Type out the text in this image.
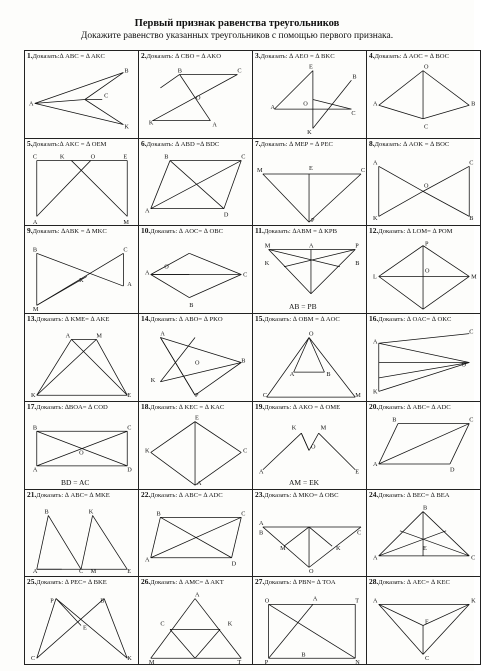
Первый признак равенства треугольников
Докажите равенство указанных треугольников с помощью первого признака.
1.Доказать:∆ ABC = ∆ AKC
A
B
K
C
2.Доказать: ∆ CBO = ∆ AKO
B	C
O
K	A
3.Доказать: ∆ AEO = ∆ BKC
E
A
O
K
C
B
4.Доказать: ∆ AOC = ∆ BOC
A
O
C
B
5.Доказать:∆ AKC = ∆ OEM
C	K	O	E
A	M
6.Доказать: ∆ ABD =∆ BDC
B	C
A
D
7.Доказать: ∆ MEP = ∆ PEC
M	E	C
P
8.Доказать: ∆ AOK = ∆ BOC
A	C
O
K	B
9.Доказать: ∆ABK = ∆ MKC
B	C
A
K
M
10.Доказать: ∆ AOC= ∆ OBC
A
O
C
B
11.Доказать: ∆ABM = ∆ KPB
M	A	P
K	B
AB = PB
12.Доказать: ∆ LOM= ∆ POM
L
O
M
P
13.Доказать: ∆ KME= ∆ AKE
A	M
K	E
14.Доказать: ∆ ABO= ∆ PKO
A
K
O	B
P
15.Доказать: ∆ OBM = ∆ AOC
O
A	B
C	M
16.Доказать: ∆ OAC= ∆ OKC
A
O
C
K
17.Доказать: ∆BOA= ∆ COD
B	C
O
A	D
BD = AC
18.Доказать: ∆ KEC = ∆ KAC
E
K	C
A
19.Доказать: ∆ AKO = ∆ OME
K
O
M
A	E
AM = EK
20.Доказать: ∆ ABC= ∆ ADC
B	C
A
D
21.Доказать: ∆ ABC= ∆ MKE
B	K
A	C M	E
22.Доказать: ∆ ABC= ∆ ADC
B	C
A
D
23.Доказать: ∆ MKO= ∆ OBC
A
M	K
O
B	C
24.Доказать: ∆ BEC= ∆ BEA
B
E
A	C
25.Доказать: ∆ PEC= ∆ BKE
P	B
E
C	K
26.Доказать: ∆ AMC= ∆ AKT
A
C	K
M	T
27.Доказать: ∆ PBN= ∆ TOA
O	A	T
P
B
N
28.Доказать: ∆ AEC= ∆ KEC
A	K
E
C
